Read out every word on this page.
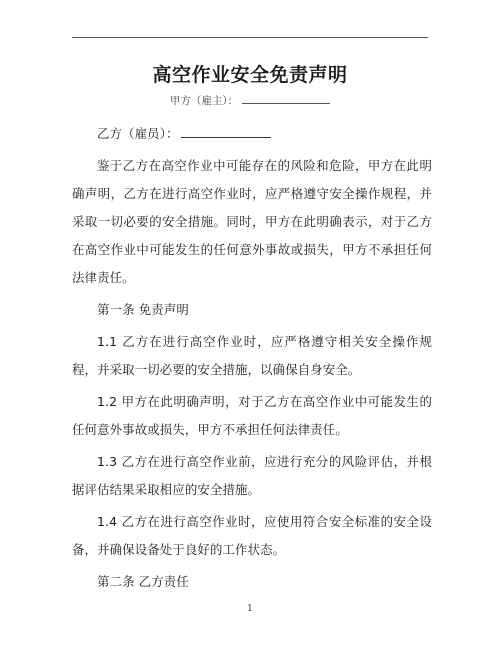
高空作业安全免责声明
甲方（雇主）：

乙方（雇员）：

鉴于乙方在高空作业中可能存在的风险和危险，甲方在此明确声明，乙方在进行高空作业时，应严格遵守安全操作规程，并采取一切必要的安全措施。同时，甲方在此明确表示，对于乙方在高空作业中可能发生的任何意外事故或损失，甲方不承担任何法律责任。

第一条 免责声明

1.1 乙方在进行高空作业时，应严格遵守相关安全操作规程，并采取一切必要的安全措施，以确保自身安全。

1.2 甲方在此明确声明，对于乙方在高空作业中可能发生的任何意外事故或损失，甲方不承担任何法律责任。

1.3 乙方在进行高空作业前，应进行充分的风险评估，并根据评估结果采取相应的安全措施。

1.4 乙方在进行高空作业时，应使用符合安全标准的安全设备，并确保设备处于良好的工作状态。

第二条 乙方责任

1
